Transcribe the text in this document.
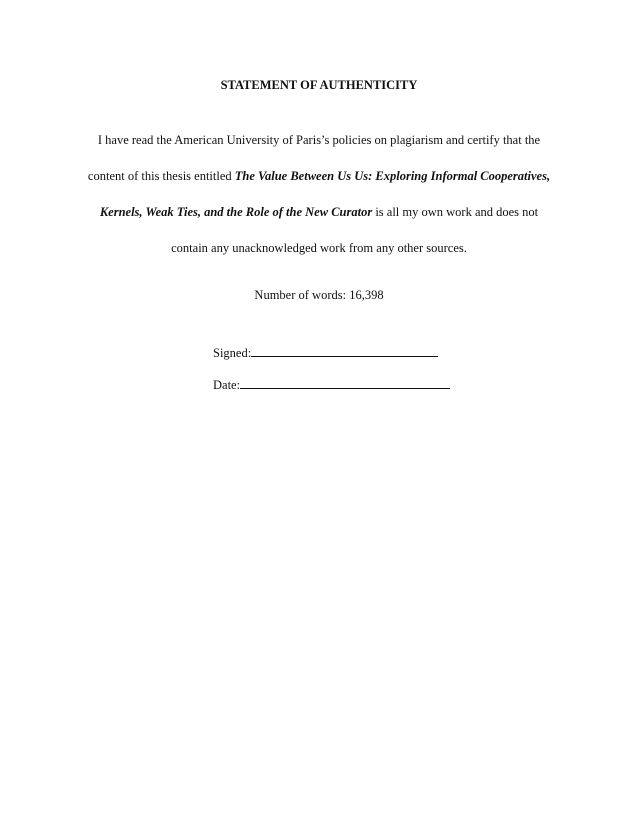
STATEMENT OF AUTHENTICITY
I have read the American University of Paris’s policies on plagiarism and certify that the
content of this thesis entitled The Value Between Us Us: Exploring Informal Cooperatives,
Kernels, Weak Ties, and the Role of the New Curator is all my own work and does not
contain any unacknowledged work from any other sources.
Number of words: 16,398
Signed:
Date:
